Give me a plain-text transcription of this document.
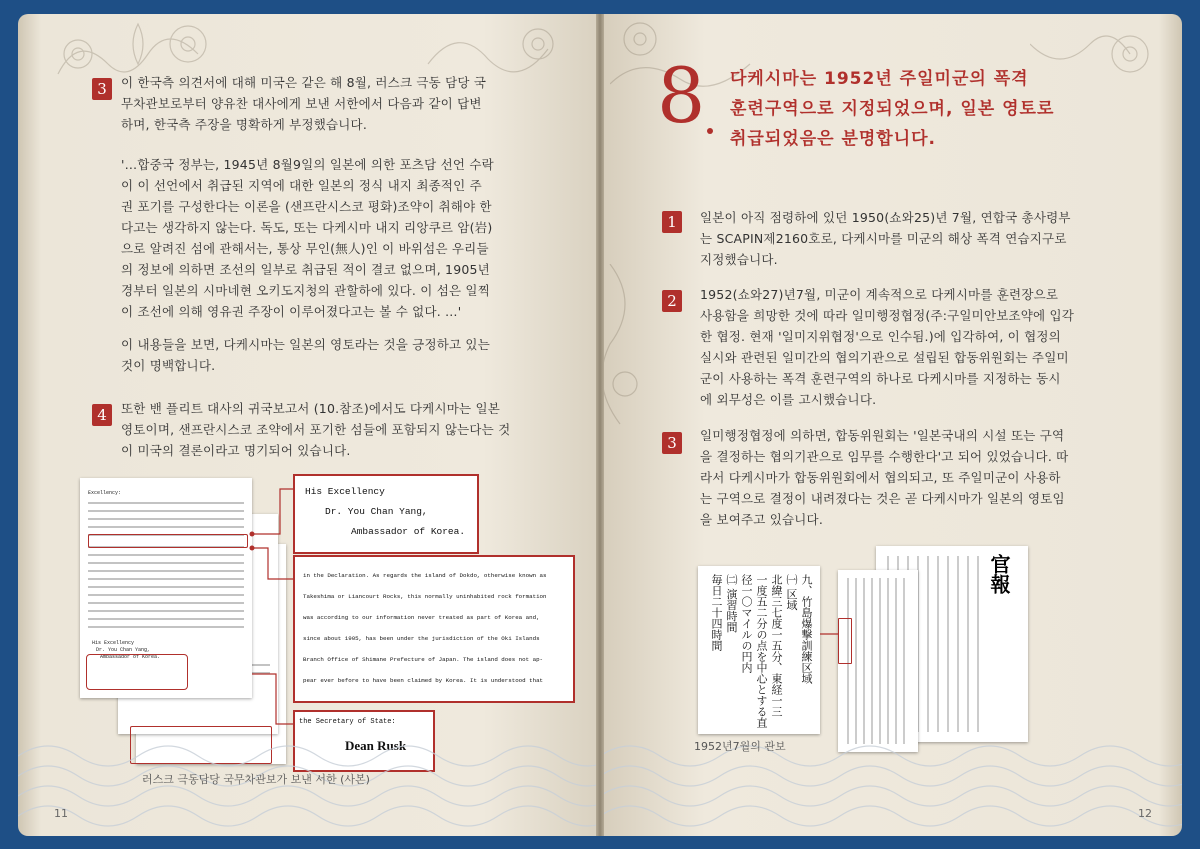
3	이 한국측 의견서에 대해 미국은 같은 해 8월, 러스크 극동 담당 국
무차관보로부터 양유찬 대사에게 보낸 서한에서 다음과 같이 답변
하며, 한국측 주장을 명확하게 부정했습니다.
'…합중국 정부는, 1945년 8월9일의 일본에 의한 포츠담 선언 수락
이 이 선언에서 취급된 지역에 대한 일본의 정식 내지 최종적인 주
권 포기를 구성한다는 이론을 (샌프란시스코 평화)조약이 취해야 한
다고는 생각하지 않는다. 독도, 또는 다케시마 내지 리앙쿠르 암(岩)
으로 알려진 섬에 관해서는, 통상 무인(無人)인 이 바위섬은 우리들
의 정보에 의하면 조선의 일부로 취급된 적이 결코 없으며, 1905년
경부터 일본의 시마네현 오키도지청의 관할하에 있다. 이 섬은 일찍
이 조선에 의해 영유권 주장이 이루어졌다고는 볼 수 없다. …'
이 내용들을 보면, 다케시마는 일본의 영토라는 것을 긍정하고 있는
것이 명백합니다.
4	또한 밴 플리트 대사의 귀국보고서 (10.참조)에서도 다케시마는 일본
영토이며, 샌프란시스코 조약에서 포기한 섬들에 포함되지 않는다는 것
이 미국의 결론이라고 명기되어 있습니다.
Excellency:
His Excellency
Dr. You Chan Yang,
Ambassador of Korea.
His Excellency
Dr. You Chan Yang,
Ambassador of Korea.
in the Declaration. As regards the island of Dokdo, otherwise known as
Takeshima or Liancourt Rocks, this normally uninhabited rock formation
was according to our information never treated as part of Korea and,
since about 1905, has been under the jurisdiction of the Oki Islands
Branch Office of Shimane Prefecture of Japan. The island does not ap-
pear ever before to have been claimed by Korea. It is understood that
the Secretary of State:
Dean Rusk
러스크 극동담당 국무차관보가 보낸 서한 (사본)
11
8 다케시마는 1952년 주일미군의 폭격
훈련구역으로 지정되었으며, 일본 영토로
취급되었음은 분명합니다.
1	일본이 아직 점령하에 있던 1950(쇼와25)년 7월, 연합국 총사령부
는 SCAPIN제2160호로, 다케시마를 미군의 해상 폭격 연습지구로
지정했습니다.
2	1952(쇼와27)년7월, 미군이 계속적으로 다케시마를 훈련장으로
사용함을 희망한 것에 따라 일미행정협정(주:구일미안보조약에 입각
한 협정. 현재 '일미지위협정'으로 인수됨.)에 입각하여, 이 협정의
실시와 관련된 일미간의 협의기관으로 설립된 합동위원회는 주일미
군이 사용하는 폭격 훈련구역의 하나로 다케시마를 지정하는 동시
에 외무성은 이를 고시했습니다.
3	일미행정협정에 의하면, 합동위원회는 '일본국내의 시설 또는 구역
을 결정하는 협의기관으로 임무를 수행한다'고 되어 있었습니다. 따
라서 다케시마가 합동위원회에서 협의되고, 또 주일미군이 사용하
는 구역으로 결정이 내려졌다는 것은 곧 다케시마가 일본의 영토임
을 보여주고 있습니다.
九、竹島爆撃訓練区域
㈠ 区域
北緯三七度一五分、東経一三
一度五二分の点を中心とする直
径一〇マイルの円内
㈡ 演習時間
毎日二十四時間	官報
1952년7월의 관보
12
